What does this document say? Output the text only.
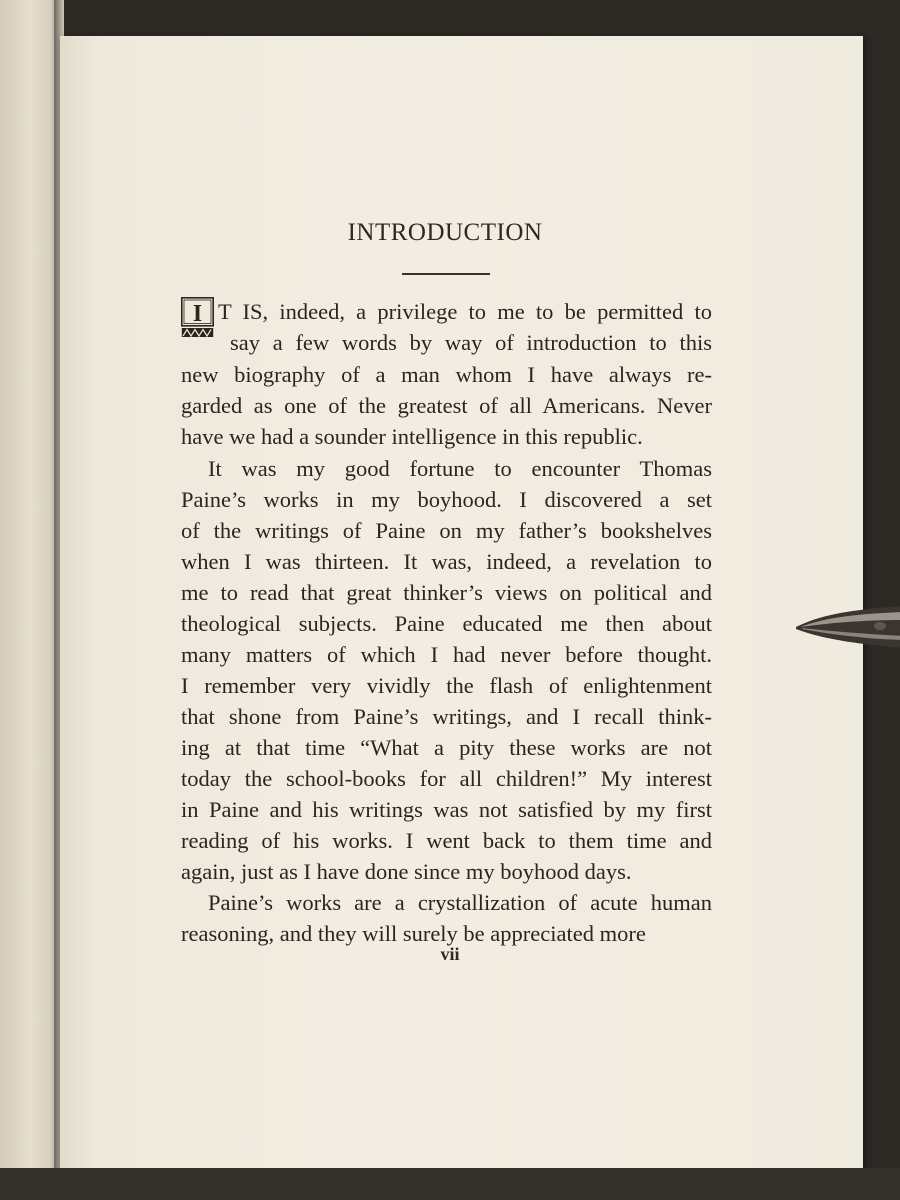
INTRODUCTION
I T IS, indeed, a privilege to me to be permitted to

say a few words by way of introduction to this

new biography of a man whom I have always re-

garded as one of the greatest of all Americans. Never

have we had a sounder intelligence in this republic.

It was my good fortune to encounter Thomas

Paine’s works in my boyhood. I discovered a set

of the writings of Paine on my father’s bookshelves

when I was thirteen. It was, indeed, a revelation to

me to read that great thinker’s views on political and

theological subjects. Paine educated me then about

many matters of which I had never before thought.

I remember very vividly the flash of enlightenment

that shone from Paine’s writings, and I recall think-

ing at that time “What a pity these works are not

today the school-books for all children!” My interest

in Paine and his writings was not satisfied by my first

reading of his works. I went back to them time and

again, just as I have done since my boyhood days.

Paine’s works are a crystallization of acute human

reasoning, and they will surely be appreciated more

vii
